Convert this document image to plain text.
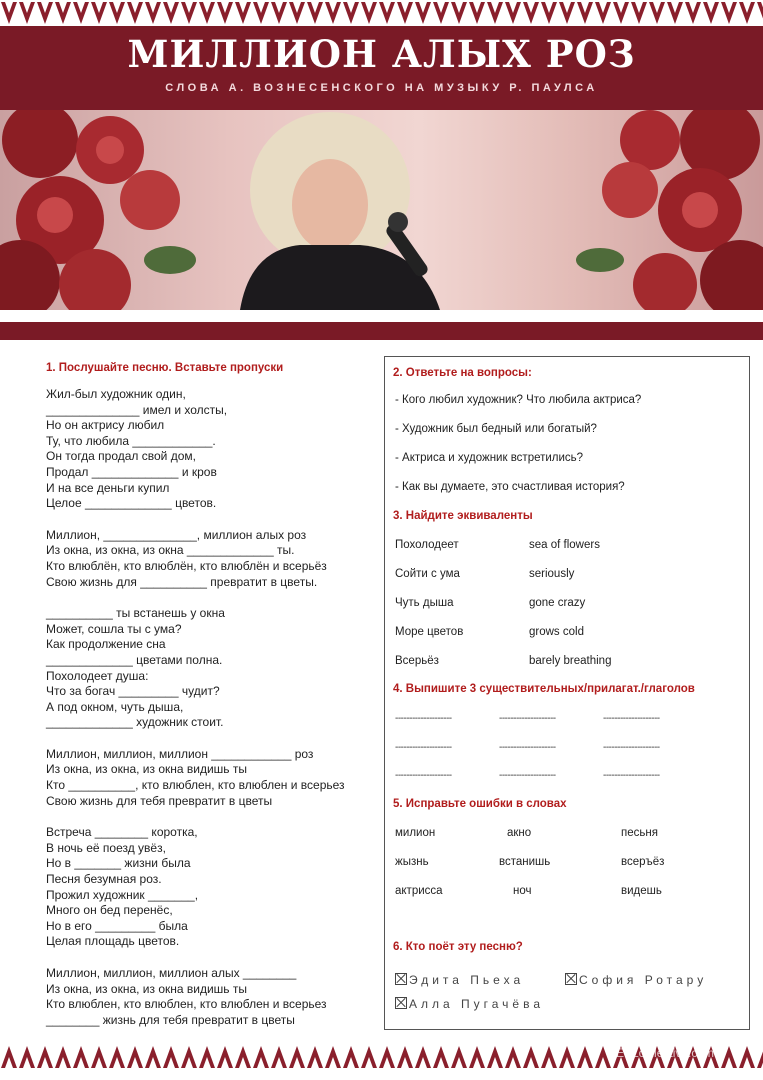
МИЛЛИОН АЛЫХ РОЗ
СЛОВА А. ВОЗНЕСЕНСКОГО НА МУЗЫКУ Р. ПАУЛСА
1. Послушайте песню. Вставьте пропуски
Жил-был художник один,
______________ имел и холсты,
Но он актрису любил
Ту, что любила ____________.
Он тогда продал свой дом,
Продал _____________ и кров
И на все деньги купил
Целое _____________ цветов.
Миллион, ______________, миллион алых роз
Из окна, из окна, из окна _____________ ты.
Кто влюблён, кто влюблён, кто влюблён и всерьёз
Свою жизнь для __________ превратит в цветы.
__________ ты встанешь у окна
Может, сошла ты с ума?
Как продолжение сна
_____________ цветами полна.
Похолодеет душа:
Что за богач _________ чудит?
А под окном, чуть дыша,
_____________ художник стоит.
Миллион, миллион, миллион ____________ роз
Из окна, из окна, из окна видишь ты
Кто __________, кто влюблен, кто влюблен и всерьез
Свою жизнь для тебя превратит в цветы
Встреча ________ коротка,
В ночь её поезд увёз,
Но в _______ жизни была
Песня безумная роз.
Прожил художник _______,
Много он бед перенёс,
Но в его _________ была
Целая площадь цветов.
Миллион, миллион, миллион алых ________
Из окна, из окна, из окна видишь ты
Кто влюблен, кто влюблен, кто влюблен и всерьез
________ жизнь для тебя превратит в цветы
2. Ответьте на вопросы:
- Кого любил художник? Что любила актриса?
- Художник был бедный или богатый?
- Актриса и художник встретились?
- Как вы думаете, это счастливая история?
3. Найдите эквиваленты
Похолодеет	sea of flowers
Сойти с ума	seriously
Чуть дыша	gone crazy
Море цветов	grows cold
Всерьёз	barely breathing
4. Выпишите 3 существительных/прилагат./глаголов
--------------------	--------------------	--------------------
--------------------	--------------------	--------------------
--------------------	--------------------	--------------------
5. Исправьте ошибки в словах
милион	акно	песьня
жызнь	встанишь	всеръёз
актрисса	ноч	видешь
6. Кто поёт эту песню?
Эдита Пьеха	София Ротару
Алла Пугачёва
ESLcollective.com
